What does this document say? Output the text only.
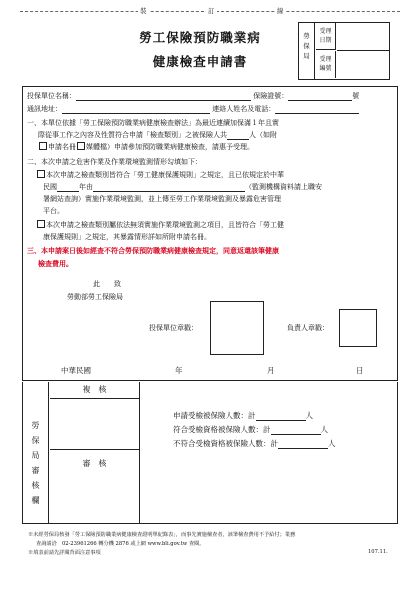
裝	訂	線
勞工保險預防職業病
健康檢查申請書
勞
保
局
受理
日期
受理
編號
投保單位名稱：	保險證號：	號
通訊地址：	連絡人姓名及電話：
一、本單位依據「勞工保險預防職業病健康檢查辦法」為最近連續加保滿１年且實
際從事工作之內容及性質符合申請「檢查類別」之被保險人共	人（如附
申請名冊 媒體檔）申請參加預防職業病健康檢查，請惠予受理。
二、本次申請之危害作業及作業環境監測情形勾填如下：
本次申請之檢查類別皆符合「勞工健康保護規則」之規定，且已依規定於中華
民國	年由	（監測機構資料請上職安
署網站查詢）實施作業環境監測，並上傳至勞工作業環境監測及暴露危害管理
平台。
本次申請之檢查類別屬依法無須實施作業環境監測之項目，且皆符合「勞工健
康保護規則」之規定，其暴露情形詳如所附申請名冊。
三、本申請案日後如經查不符合勞保預防職業病健康檢查規定，同意返還該筆健康
檢查費用。
此　　致
勞動部勞工保險局
投保單位章戳：	負責人章戳：
中華民國	年	月	日
勞
保
局
審
核
欄
複　核
審　核
申請受檢被保險人數：計	人
符合受檢資格被保險人數：計	人
不符合受檢資格被保險人數：計	人
※未經勞保局核發「勞工保險預防職業病健康檢查證明單紀錄表」，而事先實施檢查者，該筆檢查費用不予給付；業務
查詢請洽　02-23961266 轉分機 2876 或上網 www.bli.gov.tw 查閱。
※填表前請先詳閱背面注意事項	107.11.
